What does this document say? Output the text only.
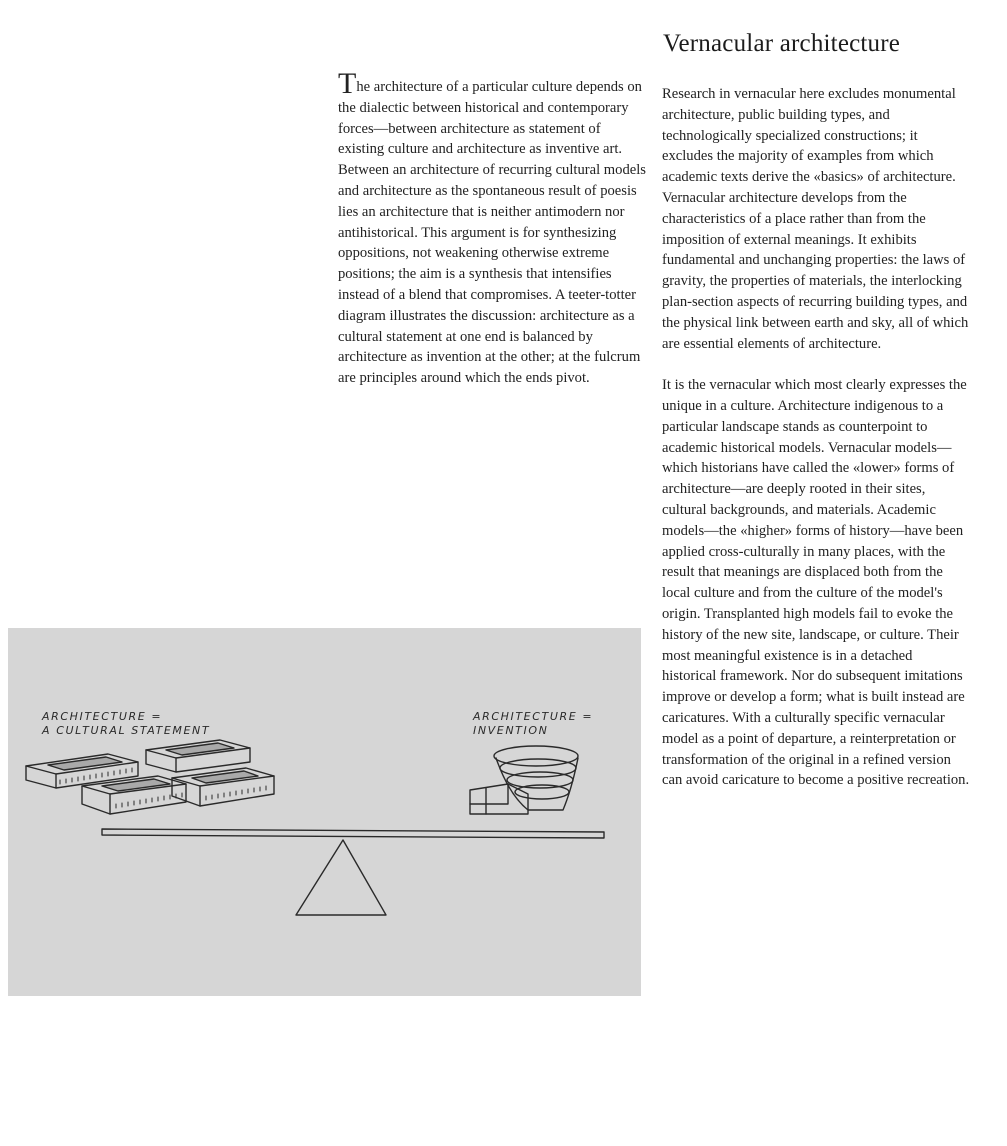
Vernacular architecture

The architecture of a particular culture depends on the dialectic between historical and contemporary forces—between architecture as statement of existing culture and architecture as inventive art.

Between an architecture of recurring cultural models and architecture as the spontaneous result of poesis lies an architecture that is neither antimodern nor antihistorical. This argument is for synthesizing oppositions, not weakening otherwise extreme positions; the aim is a synthesis that intensifies instead of a blend that compromises. A teeter-totter diagram illustrates the discussion: architecture as a cultural statement at one end is balanced by architecture as invention at the other; at the fulcrum are principles around which the ends pivot.

Research in vernacular here excludes monumental architecture, public building types, and technologically specialized constructions; it excludes the majority of examples from which academic texts derive the «basics» of architecture. Vernacular architecture develops from the characteristics of a place rather than from the imposition of external meanings. It exhibits fundamental and unchanging properties: the laws of gravity, the properties of materials, the interlocking plan-section aspects of recurring building types, and the physical link between earth and sky, all of which are essential elements of architecture.

It is the vernacular which most clearly expresses the unique in a culture. Architecture indigenous to a particular landscape stands as counterpoint to academic historical models. Vernacular models—which historians have called the «lower» forms of architecture—are deeply rooted in their sites, cultural backgrounds, and materials. Academic models—the «higher» forms of history—have been applied cross-culturally in many places, with the result that meanings are displaced both from the local culture and from the culture of the model's origin. Transplanted high models fail to evoke the history of the new site, landscape, or culture. Their most meaningful existence is in a detached historical framework. Nor do subsequent imitations improve or develop a form; what is built instead are caricatures. With a culturally specific vernacular model as a point of departure, a reinterpretation or transformation of the original in a refined version can avoid caricature to become a positive recreation.

ARCHITECTURE =
A CULTURAL STATEMENT
ARCHITECTURE =
INVENTION
